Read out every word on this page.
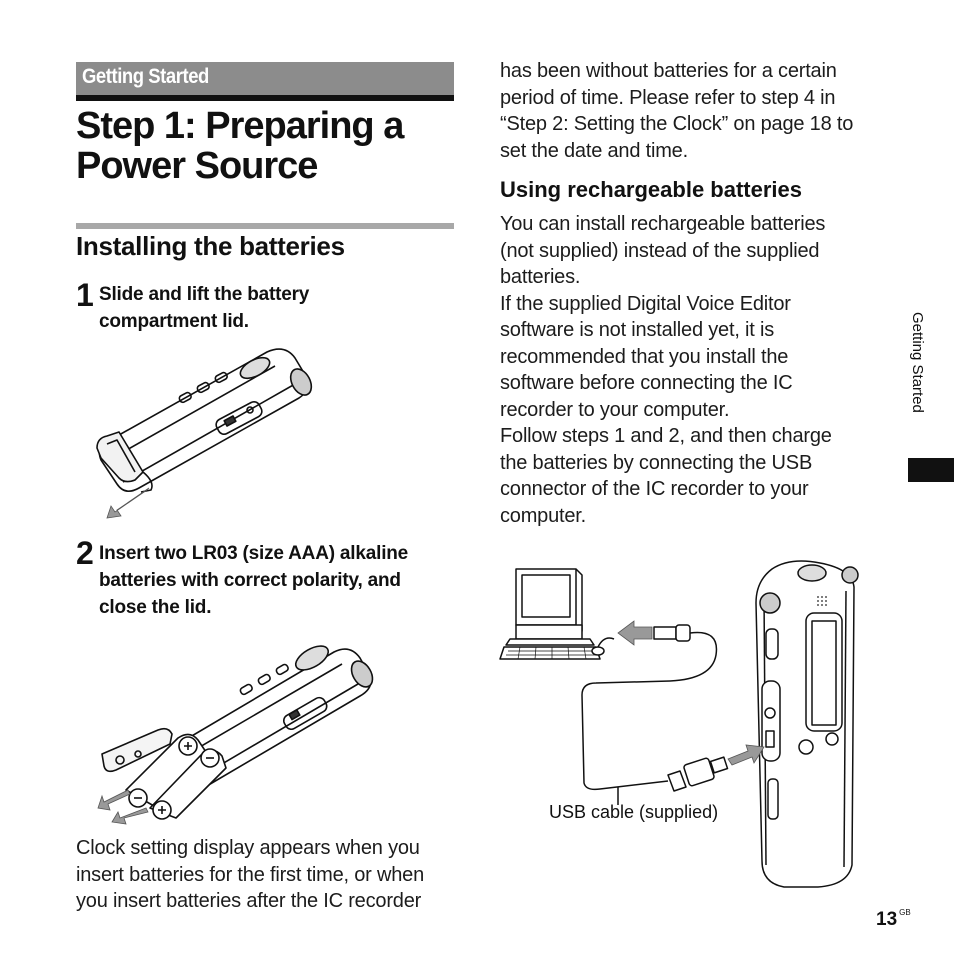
Getting Started
Step 1: Preparing a
Power Source
Installing the batteries
1 Slide and lift the battery
compartment lid.
2 Insert two LR03 (size AAA) alkaline
batteries with correct polarity, and
close the lid.

Clock setting display appears when you
insert batteries for the first time, or when
you insert batteries after the IC recorder

has been without batteries for a certain
period of time. Please refer to step 4 in
“Step 2: Setting the Clock” on page 18 to
set the date and time.

Using rechargeable batteries

You can install rechargeable batteries
(not supplied) instead of the supplied
batteries.
If the supplied Digital Voice Editor
software is not installed yet, it is
recommended that you install the
software before connecting the IC
recorder to your computer.
Follow steps 1 and 2, and then charge
the batteries by connecting the USB
connector of the IC recorder to your
computer.

USB cable (supplied)
Getting Started
13 $^{GB}$
